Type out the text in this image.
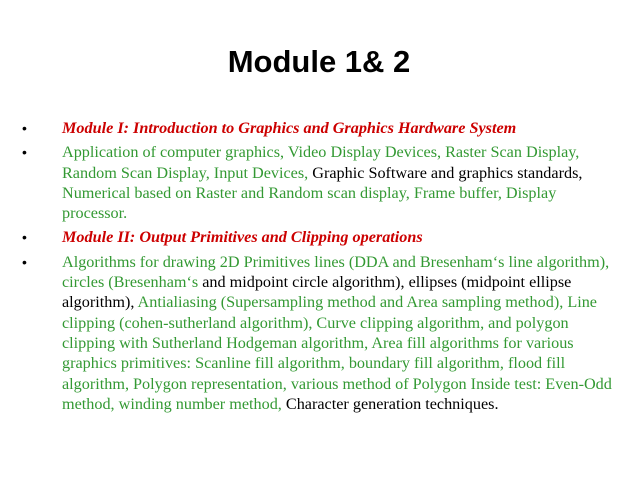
Module 1& 2
•	Module I: Introduction to Graphics and Graphics Hardware System
•	Application of computer graphics, Video Display Devices, Raster Scan Display, Random Scan Display, Input Devices, Graphic Software and graphics standards, Numerical based on Raster and Random scan display, Frame buffer, Display processor.
•	Module II: Output Primitives and Clipping operations
•	Algorithms for drawing 2D Primitives lines (DDA and Bresenham‘s line algorithm), circles (Bresenham‘s and midpoint circle algorithm), ellipses (midpoint ellipse algorithm), Antialiasing (Supersampling method and Area sampling method), Line clipping (cohen-sutherland algorithm), Curve clipping algorithm, and polygon clipping with Sutherland Hodgeman algorithm, Area fill algorithms for various graphics primitives: Scanline fill algorithm, boundary fill algorithm, flood fill algorithm, Polygon representation, various method of Polygon Inside test: Even-Odd method, winding number method, Character generation techniques.
